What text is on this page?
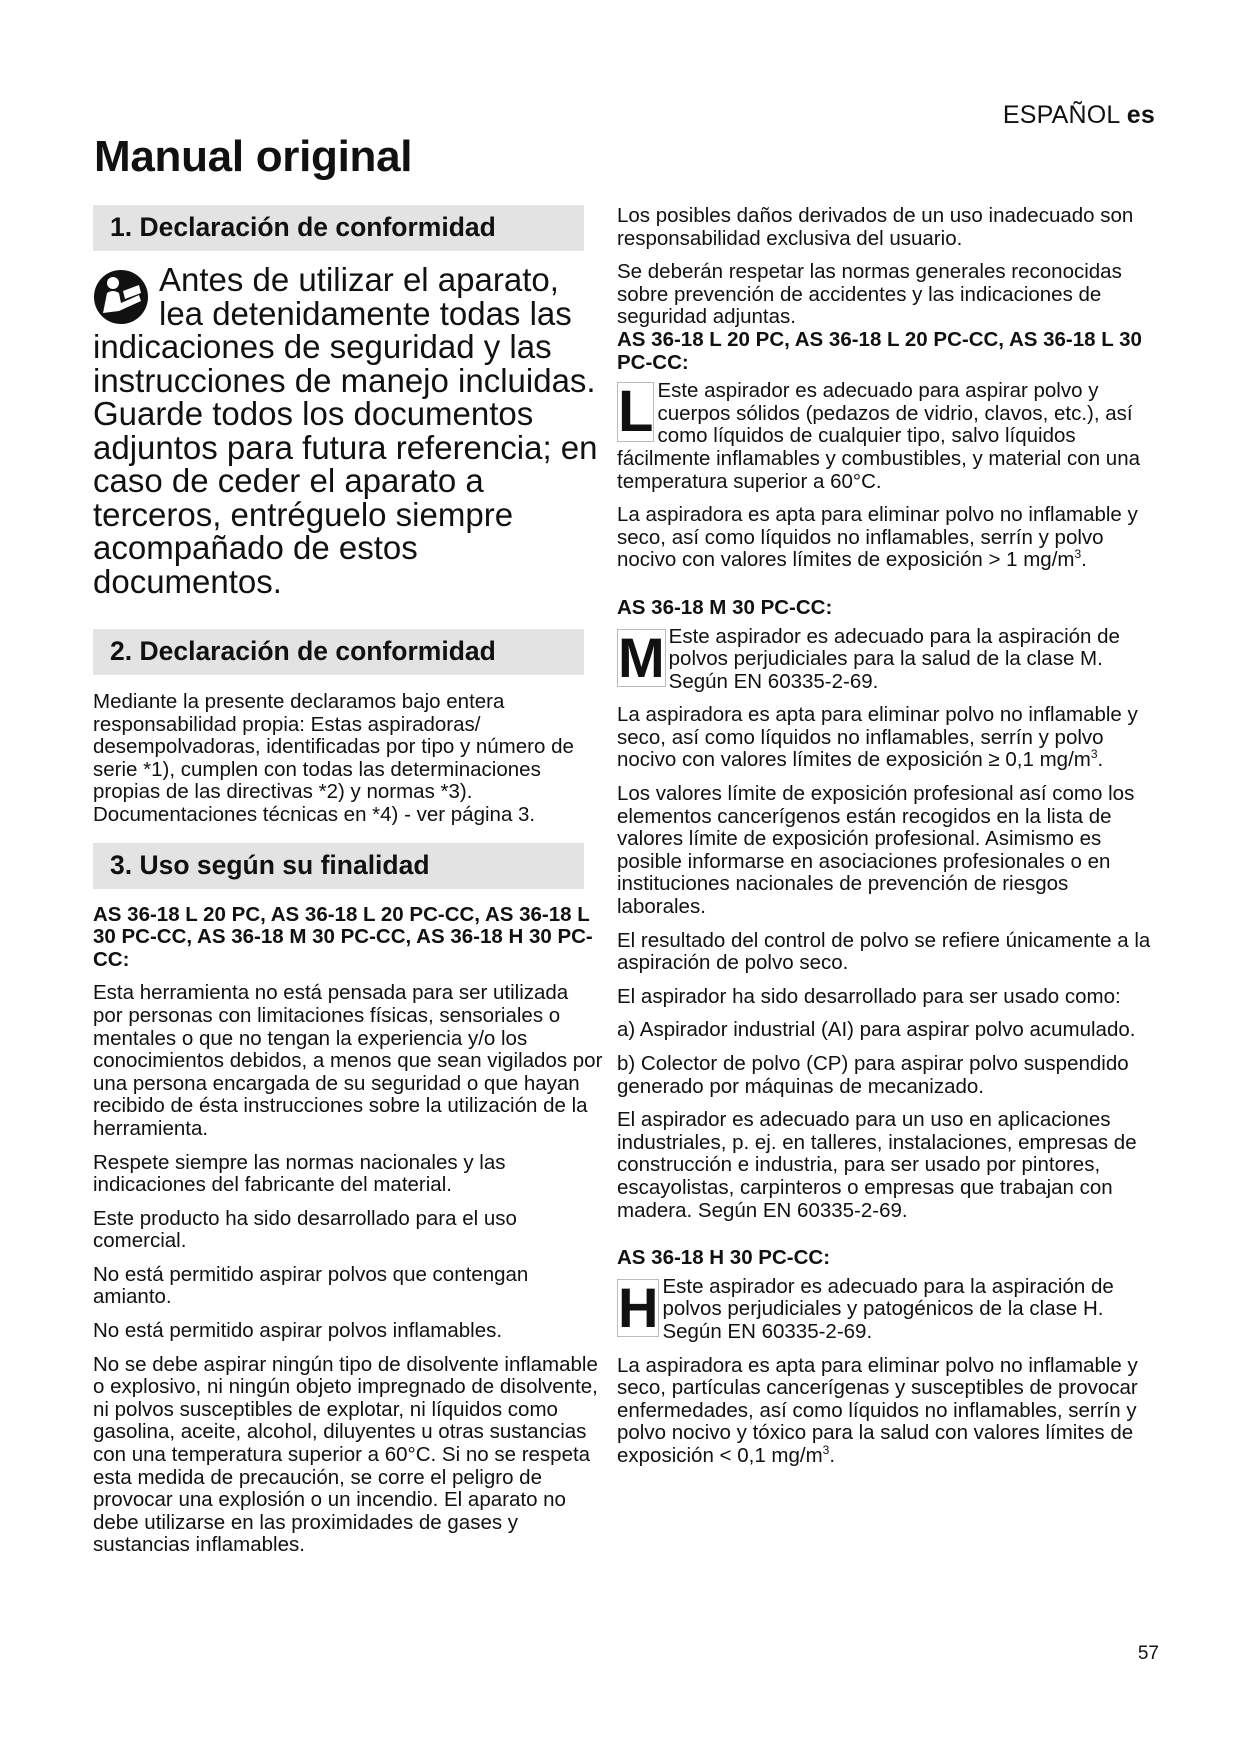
ESPAÑOL es
Manual original
1. Declaración de conformidad

Antes de utilizar el aparato, lea detenidamente todas las indicaciones de seguridad y las instrucciones de manejo incluidas. Guarde todos los documentos adjuntos para futura referencia; en caso de ceder el aparato a terceros, entréguelo siempre acompañado de estos documentos.

2. Declaración de conformidad

Mediante la presente declaramos bajo entera responsabilidad propia: Estas aspiradoras/ desempolvadoras, identificadas por tipo y número de serie *1), cumplen con todas las determinaciones propias de las directivas *2) y normas *3). Documentaciones técnicas en *4) - ver página 3.

3. Uso según su finalidad

AS 36-18 L 20 PC, AS 36-18 L 20 PC-CC, AS 36-18 L 30 PC-CC, AS 36-18 M 30 PC-CC, AS 36-18 H 30 PC-CC:

Esta herramienta no está pensada para ser utilizada por personas con limitaciones físicas, sensoriales o mentales o que no tengan la experiencia y/o los conocimientos debidos, a menos que sean vigilados por una persona encargada de su seguridad o que hayan recibido de ésta instrucciones sobre la utilización de la herramienta.

Respete siempre las normas nacionales y las indicaciones del fabricante del material.

Este producto ha sido desarrollado para el uso comercial.

No está permitido aspirar polvos que contengan amianto.

No está permitido aspirar polvos inflamables.

No se debe aspirar ningún tipo de disolvente inflamable o explosivo, ni ningún objeto impregnado de disolvente, ni polvos susceptibles de explotar, ni líquidos como gasolina, aceite, alcohol, diluyentes u otras sustancias con una temperatura superior a 60°C. Si no se respeta esta medida de precaución, se corre el peligro de provocar una explosión o un incendio. El aparato no debe utilizarse en las proximidades de gases y sustancias inflamables.

Los posibles daños derivados de un uso inadecuado son responsabilidad exclusiva del usuario.

Se deberán respetar las normas generales reconocidas sobre prevención de accidentes y las indicaciones de seguridad adjuntas.

AS 36-18 L 20 PC, AS 36-18 L 20 PC-CC, AS 36-18 L 30 PC-CC:

L Este aspirador es adecuado para aspirar polvo y cuerpos sólidos (pedazos de vidrio, clavos, etc.), así como líquidos de cualquier tipo, salvo líquidos fácilmente inflamables y combustibles, y material con una temperatura superior a 60°C.

La aspiradora es apta para eliminar polvo no inflamable y seco, así como líquidos no inflamables, serrín y polvo nocivo con valores límites de exposición > 1 $mg/m^3$.

AS 36-18 M 30 PC-CC:

M Este aspirador es adecuado para la aspiración de polvos perjudiciales para la salud de la clase M. Según EN 60335-2-69.

La aspiradora es apta para eliminar polvo no inflamable y seco, así como líquidos no inflamables, serrín y polvo nocivo con valores límites de exposición ≥ 0,1 $mg/m^3$.

Los valores límite de exposición profesional así como los elementos cancerígenos están recogidos en la lista de valores límite de exposición profesional. Asimismo es posible informarse en asociaciones profesionales o en instituciones nacionales de prevención de riesgos laborales.

El resultado del control de polvo se refiere únicamente a la aspiración de polvo seco.

El aspirador ha sido desarrollado para ser usado como:

a) Aspirador industrial (AI) para aspirar polvo acumulado.

b) Colector de polvo (CP) para aspirar polvo suspendido generado por máquinas de mecanizado.

El aspirador es adecuado para un uso en aplicaciones industriales, p. ej. en talleres, instalaciones, empresas de construcción e industria, para ser usado por pintores, escayolistas, carpinteros o empresas que trabajan con madera. Según EN 60335-2-69.

AS 36-18 H 30 PC-CC:

H Este aspirador es adecuado para la aspiración de polvos perjudiciales y patogénicos de la clase H. Según EN 60335-2-69.

La aspiradora es apta para eliminar polvo no inflamable y seco, partículas cancerígenas y susceptibles de provocar enfermedades, así como líquidos no inflamables, serrín y polvo nocivo y tóxico para la salud con valores límites de exposición < 0,1 $mg/m^3$.

57
